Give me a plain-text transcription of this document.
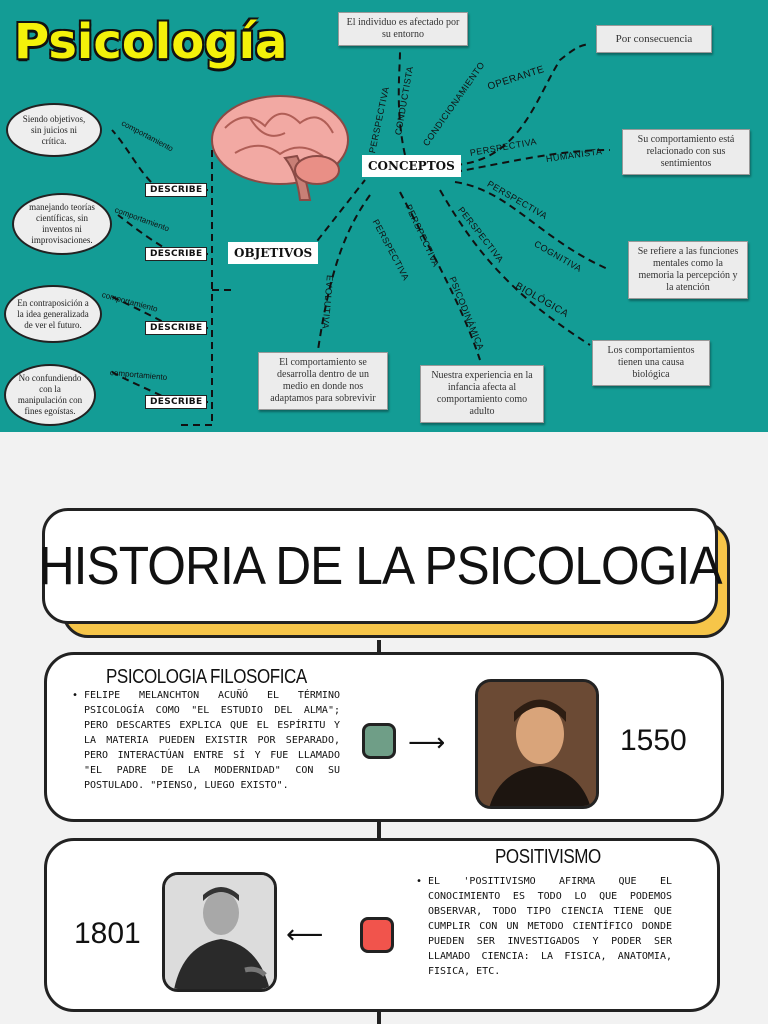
Psicología
CONCEPTOS
OBJETIVOS
El individuo es afectado por su entorno	Por consecuencia
Su comportamiento está relacionado con sus sentimientos
Se refiere a las funciones mentales como la memoria la percepción y la atención
Los comportamientos tienen una causa biológica
El comportamiento se desarrolla dentro de un medio en donde nos adaptamos para sobrevivir
Nuestra experiencia en la infancia afecta al comportamiento como adulto
PERSPECTIVA CONDUCTISTA CONDICIONAMIENTO OPERANTE
PERSPECTIVA HUMANISTA
PERSPECTIVA
COGNITIVA
PERSPECTIVA
BIOLÓGICA
PERSPECTIVA
PSICODINÁMICA
PERSPECTIVA
EVOLUTIVA
DESCRIBE
DESCRIBE
DESCRIBE
DESCRIBE
comportamiento
comportamiento
comportamiento
comportamiento
Siendo objetivos, sin juicios ni crítica.
manejando teorías científicas, sin inventos ni improvisaciones.
En contraposición a la idea generalizada de ver el futuro.
No confundiendo con la manipulación con fines egoístas.
HISTORIA DE LA PSICOLOGIA
PSICOLOGIA FILOSOFICA
• FELIPE MELANCHTON ACUÑÓ EL TÉRMINO PSICOLOGÍA COMO "EL ESTUDIO DEL ALMA"; PERO DESCARTES EXPLICA QUE EL ESPÍRITU Y LA MATERIA PUEDEN EXISTIR POR SEPARADO, PERO INTERACTÚAN ENTRE SÍ Y FUE LLAMADO "EL PADRE DE LA MODERNIDAD" CON SU POSTULADO. "PIENSO, LUEGO EXISTO".
⟶	1550
POSITIVISMO
• EL 'POSITIVISMO AFIRMA QUE EL CONOCIMIENTO ES TODO LO QUE PODEMOS OBSERVAR, TODO TIPO CIENCIA TIENE QUE CUMPLIR CON UN METODO CIENTÍFICO DONDE PUEDEN SER INVESTIGADOS Y PODER SER LLAMADO CIENCIA: LA FISICA, ANATOMIA, FISICA, ETC.
⟵
1801
